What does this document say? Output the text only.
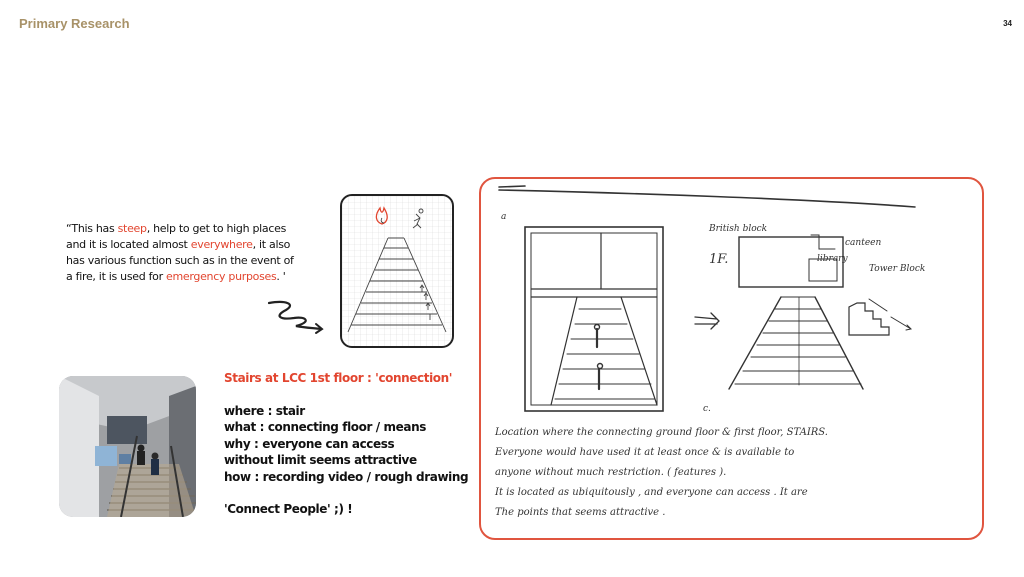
Primary Research	34
“This has steep, help to get to high places and it is located almost everywhere, it also has various function such as in the event of a fire, it is used for emergency purposes. '
Stairs at LCC 1st floor : 'connection'
where : stair
what : connecting floor / means
why : everyone can access without limit seems attractive
how : recording video / rough drawing
'Connect People' ;) !
a
c.
British block
library
canteen
Tower Block
1F.
Location where the connecting ground floor & first floor, STAIRS.
Everyone would have used it at least once & is available to
anyone without much restriction. ( features ).
It is located as ubiquitously , and everyone can access . It are
The points that seems attractive .
